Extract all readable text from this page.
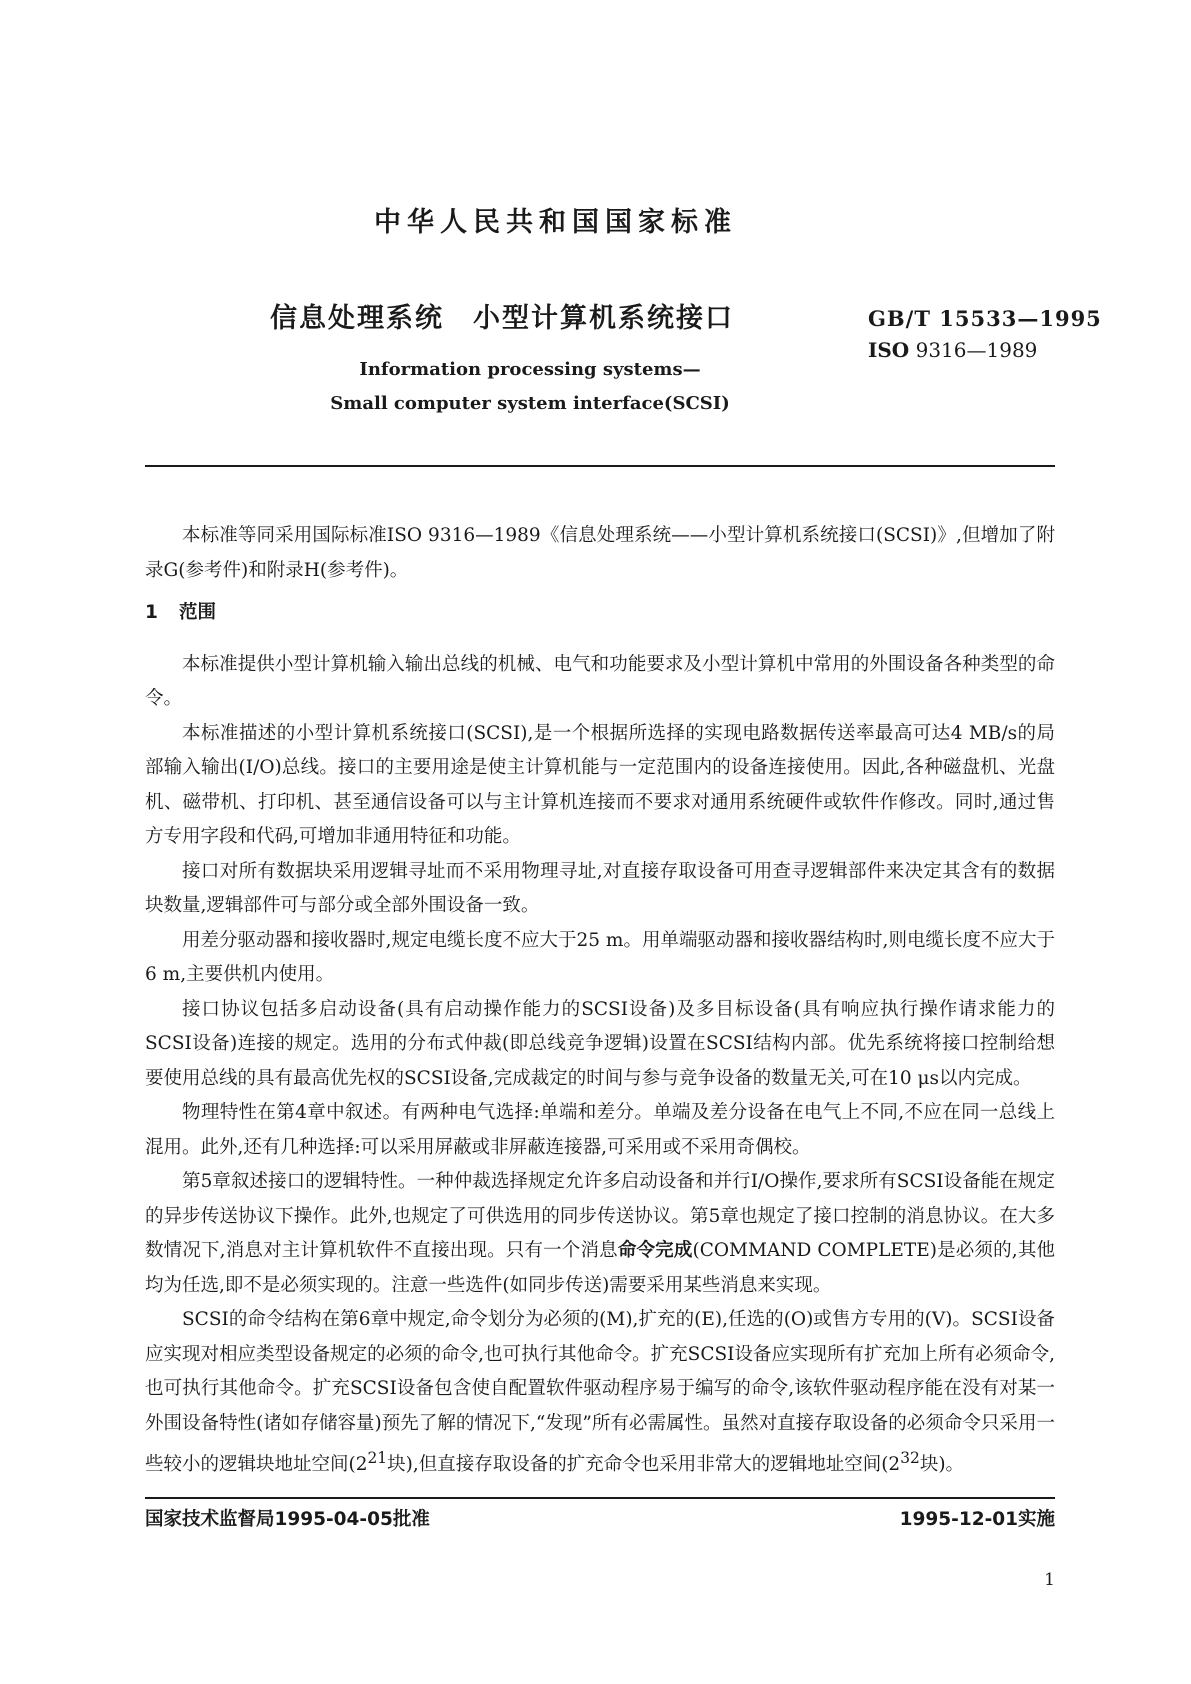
中华人民共和国国家标准
信息处理系统　小型计算机系统接口	GB/T 15533—1995
ISO 9316—1989
Information processing systems—
Small computer system interface(SCSI)

本标准等同采用国际标准ISO 9316—1989《信息处理系统——小型计算机系统接口(SCSI)》,但增加了附录G(参考件)和附录H(参考件)。

1 范围

本标准提供小型计算机输入输出总线的机械、电气和功能要求及小型计算机中常用的外围设备各种类型的命令。

本标准描述的小型计算机系统接口(SCSI),是一个根据所选择的实现电路数据传送率最高可达4 MB/s的局部输入输出(I/O)总线。接口的主要用途是使主计算机能与一定范围内的设备连接使用。因此,各种磁盘机、光盘机、磁带机、打印机、甚至通信设备可以与主计算机连接而不要求对通用系统硬件或软件作修改。同时,通过售方专用字段和代码,可增加非通用特征和功能。

接口对所有数据块采用逻辑寻址而不采用物理寻址,对直接存取设备可用查寻逻辑部件来决定其含有的数据块数量,逻辑部件可与部分或全部外围设备一致。

用差分驱动器和接收器时,规定电缆长度不应大于25 m。用单端驱动器和接收器结构时,则电缆长度不应大于6 m,主要供机内使用。

接口协议包括多启动设备(具有启动操作能力的SCSI设备)及多目标设备(具有响应执行操作请求能力的SCSI设备)连接的规定。选用的分布式仲裁(即总线竞争逻辑)设置在SCSI结构内部。优先系统将接口控制给想要使用总线的具有最高优先权的SCSI设备,完成裁定的时间与参与竞争设备的数量无关,可在10 μs以内完成。

物理特性在第4章中叙述。有两种电气选择:单端和差分。单端及差分设备在电气上不同,不应在同一总线上混用。此外,还有几种选择:可以采用屏蔽或非屏蔽连接器,可采用或不采用奇偶校。

第5章叙述接口的逻辑特性。一种仲裁选择规定允许多启动设备和并行I/O操作,要求所有SCSI设备能在规定的异步传送协议下操作。此外,也规定了可供选用的同步传送协议。第5章也规定了接口控制的消息协议。在大多数情况下,消息对主计算机软件不直接出现。只有一个消息命令完成(COMMAND COMPLETE)是必须的,其他均为任选,即不是必须实现的。注意一些选件(如同步传送)需要采用某些消息来实现。

SCSI的命令结构在第6章中规定,命令划分为必须的(M),扩充的(E),任选的(O)或售方专用的(V)。SCSI设备应实现对相应类型设备规定的必须的命令,也可执行其他命令。扩充SCSI设备应实现所有扩充加上所有必须命令,也可执行其他命令。扩充SCSI设备包含使自配置软件驱动程序易于编写的命令,该软件驱动程序能在没有对某一外围设备特性(诸如存储容量)预先了解的情况下,“发现”所有必需属性。虽然对直接存取设备的必须命令只采用一些较小的逻辑块地址空间($2^{21}$块),但直接存取设备的扩充命令也采用非常大的逻辑地址空间($2^{32}$块)。

国家技术监督局1995-04-05批准	1995-12-01实施
1
